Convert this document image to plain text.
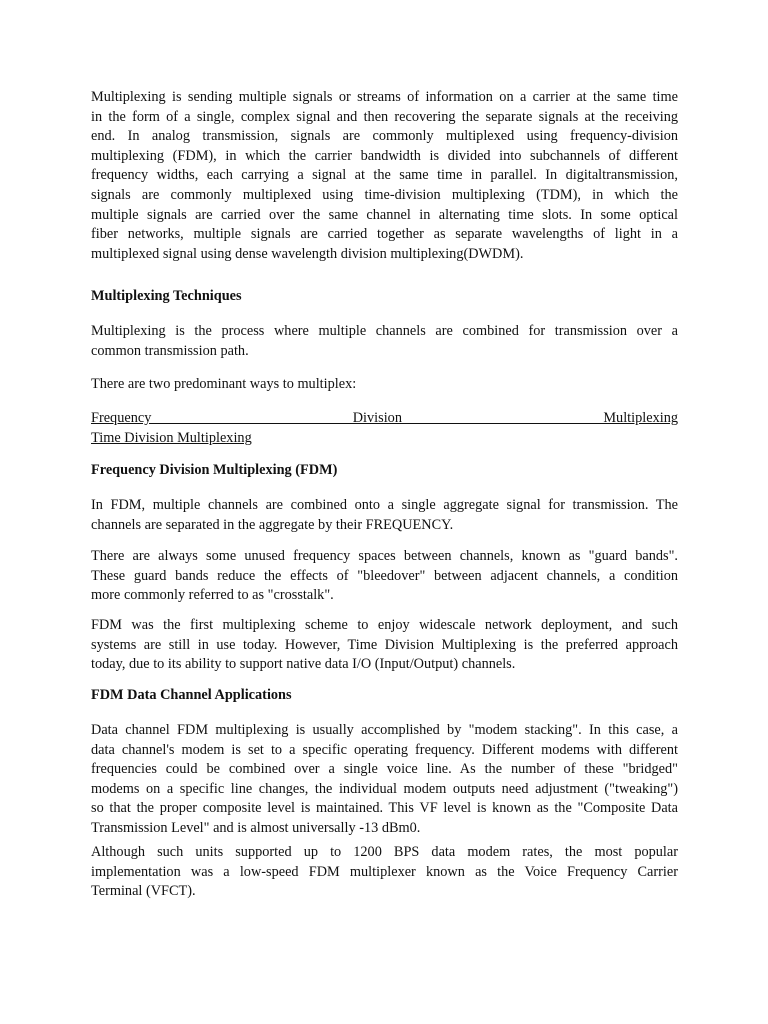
Multiplexing is sending multiple signals or streams of information on a carrier at the same time
in the form of a single, complex signal and then recovering the separate signals at the receiving
end. In analog transmission, signals are commonly multiplexed using frequency-division
multiplexing (FDM), in which the carrier bandwidth is divided into subchannels of different
frequency widths, each carrying a signal at the same time in parallel. In digitaltransmission,
signals are commonly multiplexed using time-division multiplexing (TDM), in which the
multiple signals are carried over the same channel in alternating time slots. In some optical
fiber networks, multiple signals are carried together as separate wavelengths of light in a
multiplexed signal using dense wavelength division multiplexing(DWDM).
Multiplexing Techniques
Multiplexing is the process where multiple channels are combined for transmission over a
common transmission path.
There are two predominant ways to multiplex:
Frequency Division Multiplexing
Time Division Multiplexing
Frequency Division Multiplexing (FDM)
In FDM, multiple channels are combined onto a single aggregate signal for transmission. The
channels are separated in the aggregate by their FREQUENCY.
There are always some unused frequency spaces between channels, known as "guard bands".
These guard bands reduce the effects of "bleedover" between adjacent channels, a condition
more commonly referred to as "crosstalk".
FDM was the first multiplexing scheme to enjoy widescale network deployment, and such
systems are still in use today. However, Time Division Multiplexing is the preferred approach
today, due to its ability to support native data I/O (Input/Output) channels.
FDM Data Channel Applications
Data channel FDM multiplexing is usually accomplished by "modem stacking". In this case, a
data channel's modem is set to a specific operating frequency. Different modems with different
frequencies could be combined over a single voice line. As the number of these "bridged"
modems on a specific line changes, the individual modem outputs need adjustment ("tweaking")
so that the proper composite level is maintained. This VF level is known as the "Composite Data
Transmission Level" and is almost universally -13 dBm0.
Although such units supported up to 1200 BPS data modem rates, the most popular
implementation was a low-speed FDM multiplexer known as the Voice Frequency Carrier
Terminal (VFCT).
